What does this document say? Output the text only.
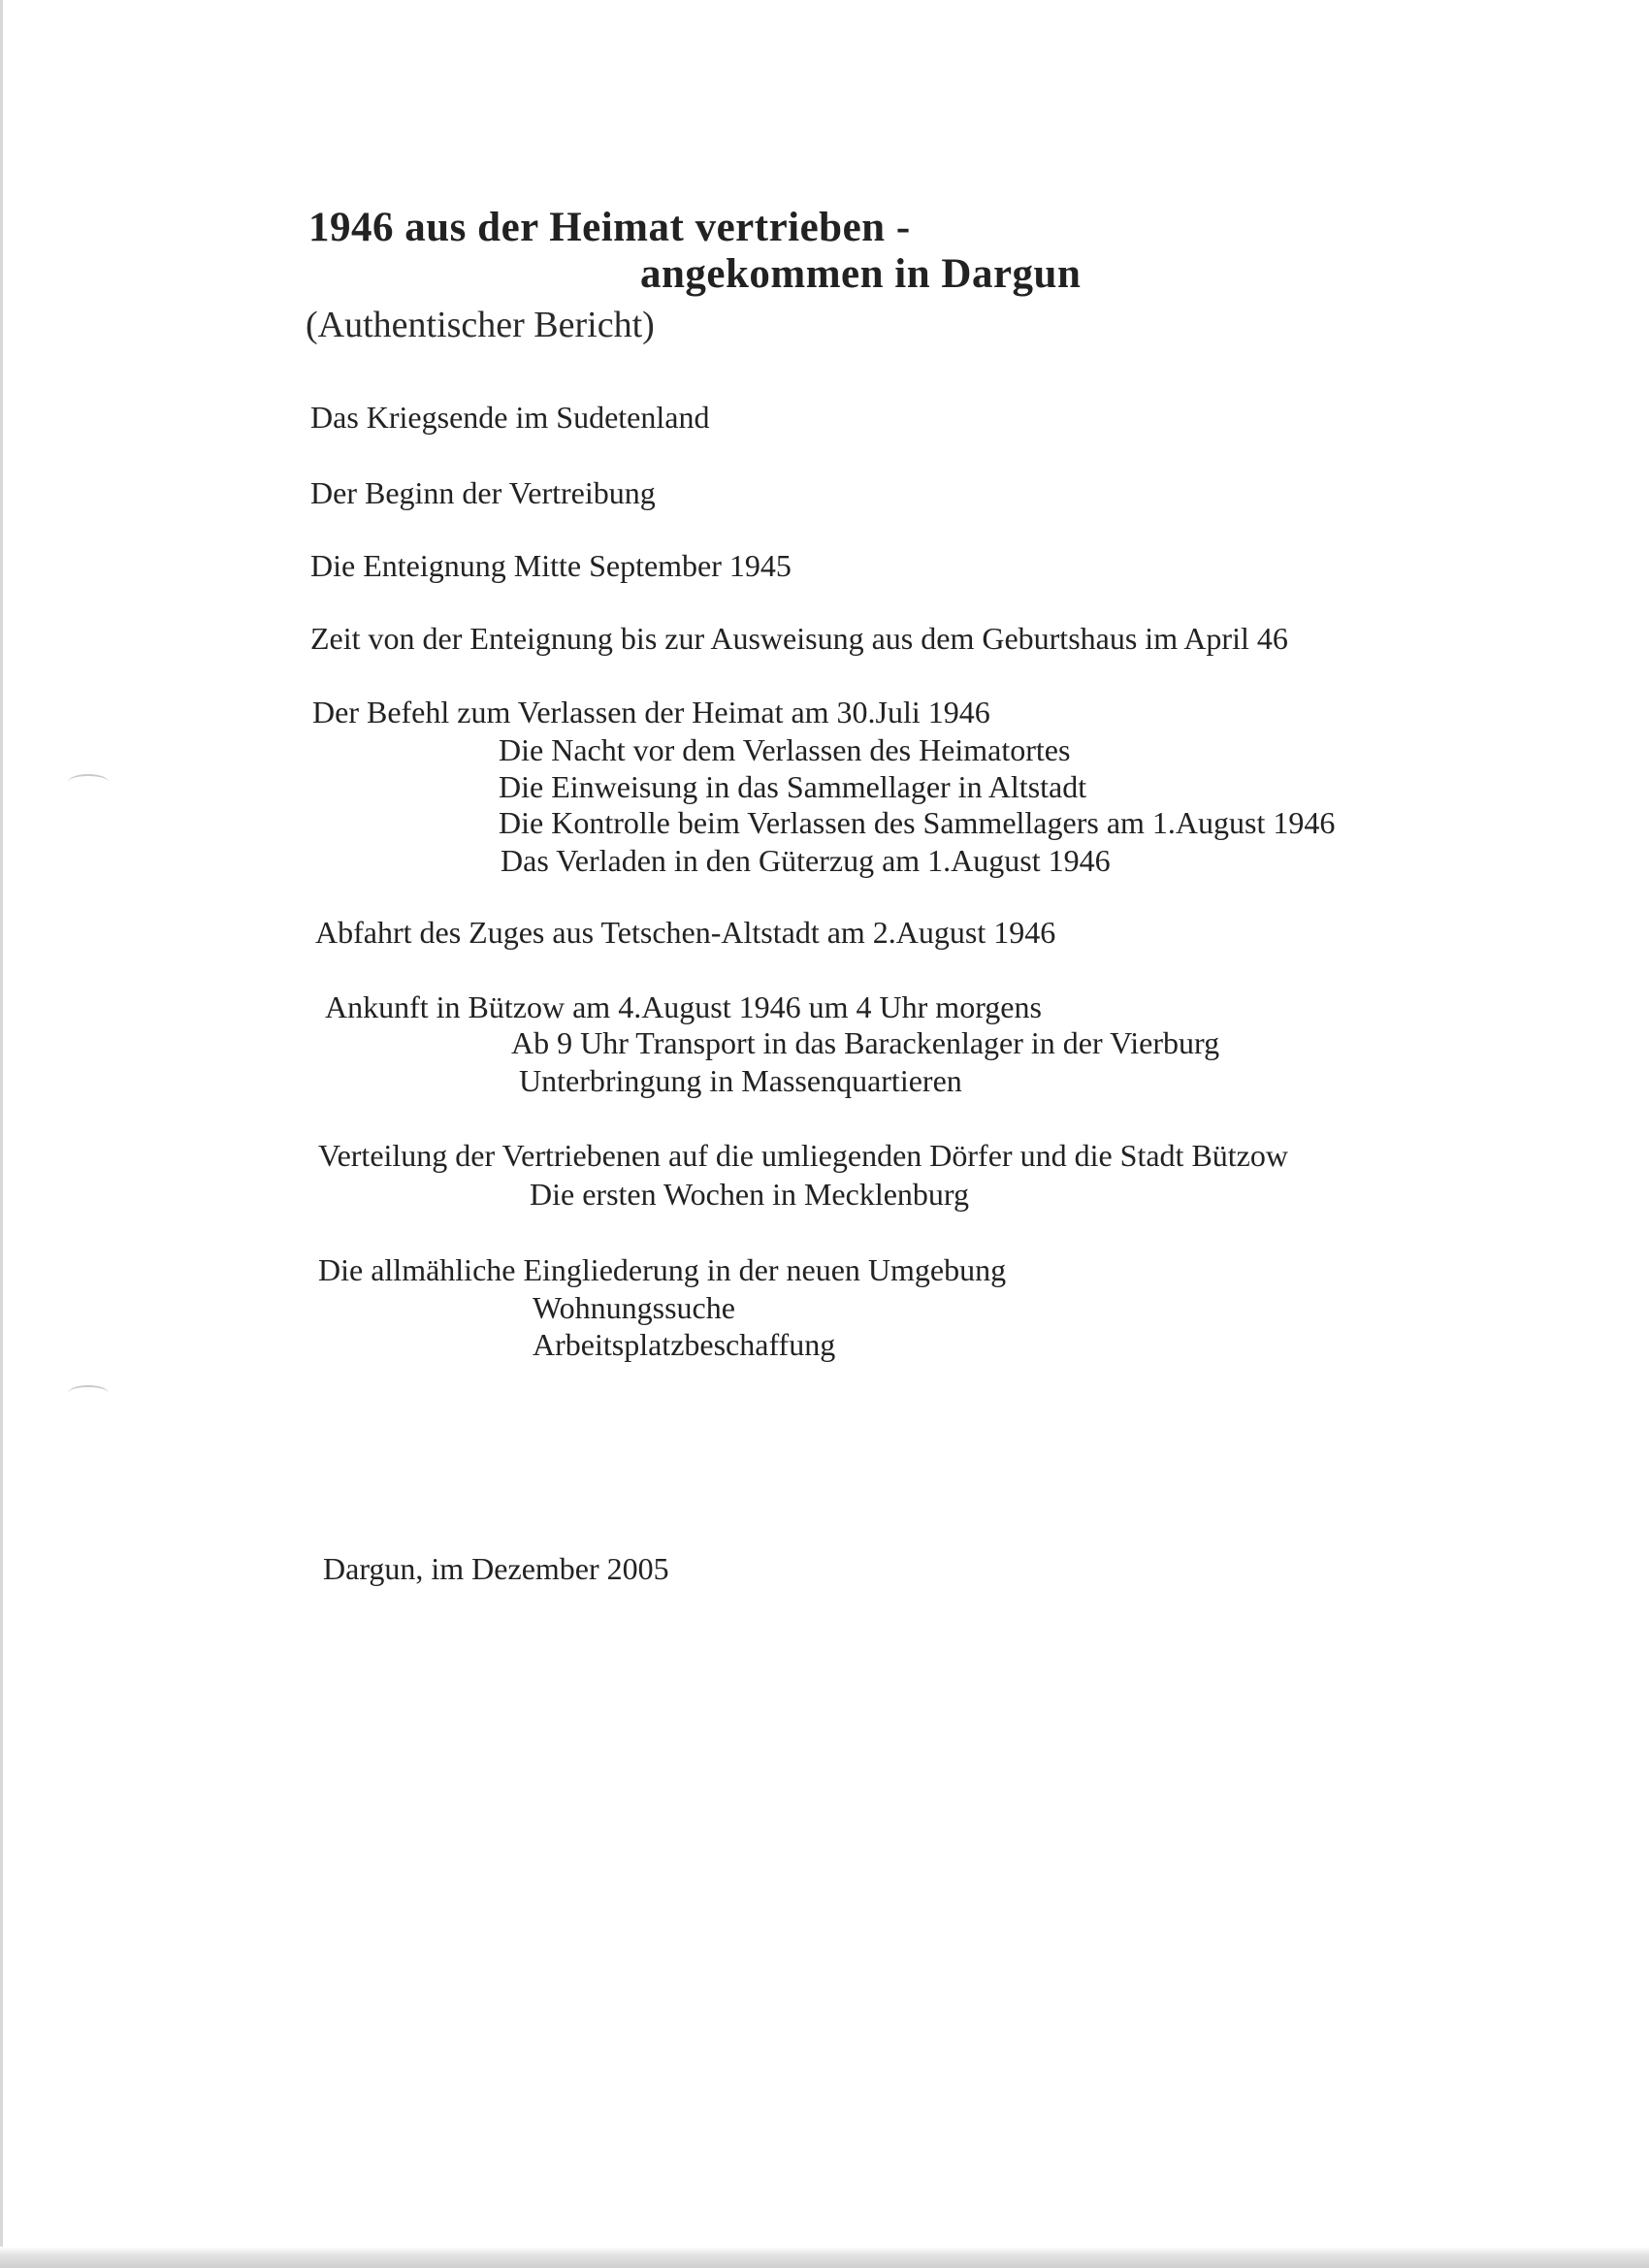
1946 aus der Heimat vertrieben -
angekommen in Dargun
(Authentischer Bericht)
Das Kriegsende im Sudetenland
Der Beginn der Vertreibung
Die Enteignung Mitte September 1945
Zeit von der Enteignung bis zur Ausweisung aus dem Geburtshaus im April 46
Der Befehl zum Verlassen der Heimat am 30.Juli 1946
Die Nacht vor dem Verlassen des Heimatortes
Die Einweisung in das Sammellager in Altstadt
Die Kontrolle beim Verlassen des Sammellagers am 1.August 1946
Das Verladen in den Güterzug am 1.August 1946
Abfahrt des Zuges aus Tetschen-Altstadt am 2.August 1946
Ankunft in Bützow am 4.August 1946 um 4 Uhr morgens
Ab 9 Uhr Transport in das Barackenlager in der Vierburg
Unterbringung in Massenquartieren
Verteilung der Vertriebenen auf die umliegenden Dörfer und die Stadt Bützow
Die ersten Wochen in Mecklenburg
Die allmähliche Eingliederung in der neuen Umgebung
Wohnungssuche
Arbeitsplatzbeschaffung
Dargun, im Dezember 2005
